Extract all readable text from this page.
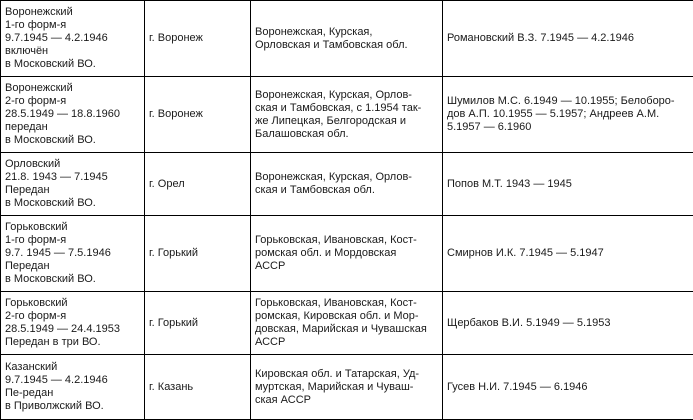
Воронежский
1-го форм-я
9.7.1945 — 4.2.1946
включён
в Московский ВО.	г. Воронеж	Воронежская, Курская,
Орловская и Тамбовская обл.	Романовский В.З. 7.1945 — 4.2.1946

Воронежский
2-го форм-я
28.5.1949 — 18.8.1960
передан
в Московский ВО.	г. Воронеж	Воронежская, Курская, Орлов-
ская и Тамбовская, с 1.1954 так-
же Липецкая, Белгородская и
Балашовская обл.	Шумилов М.С. 6.1949 — 10.1955; Белоборо-
дов А.П. 10.1955 — 5.1957; Андреев А.М.
5.1957 — 6.1960

Орловский
21.8. 1943 — 7.1945
Передан
в Московский ВО.	г. Орел	Воронежская, Курская, Орлов-
ская и Тамбовская обл.	Попов М.Т. 1943 — 1945

Горьковский
1-го форм-я
9.7. 1945 — 7.5.1946
Передан
в Московский ВО.	г. Горький	Горьковская, Ивановская, Кост-
ромская обл. и Мордовская
АССР	Смирнов И.К. 7.1945 — 5.1947

Горьковский
2-го форм-я
28.5.1949 — 24.4.1953
Передан в три ВО.	г. Горький	Горьковская, Ивановская, Кост-
ромская, Кировская обл. и Мор-
довская, Марийская и Чувашская
АССР	Щербаков В.И. 5.1949 — 5.1953

Казанский
9.7.1945 — 4.2.1946
Пе-редан
в Приволжский ВО.	г. Казань	Кировская обл. и Татарская, Уд-
муртская, Марийская и Чуваш-
ская АССР	Гусев Н.И. 7.1945 — 6.1946
